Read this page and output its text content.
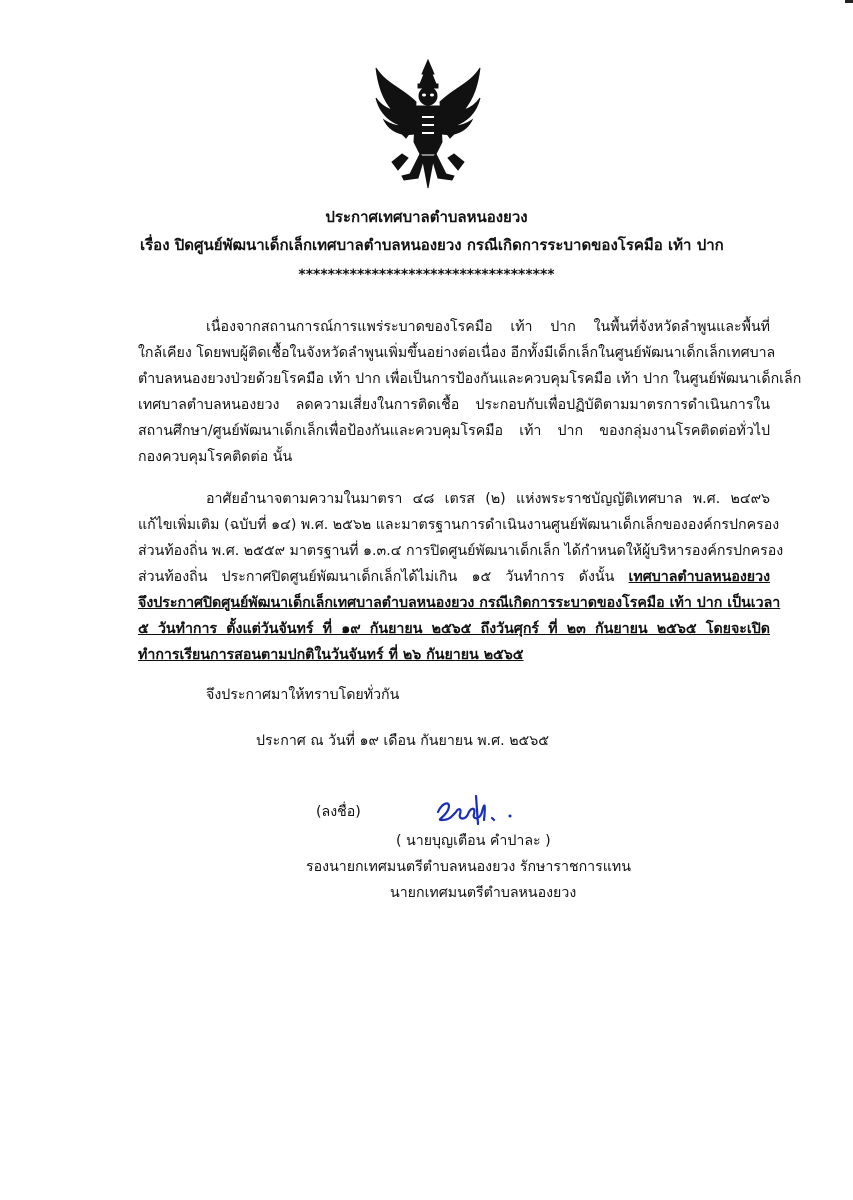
ประกาศเทศบาลตำบลหนองยวง
เรื่อง ปิดศูนย์พัฒนาเด็กเล็กเทศบาลตำบลหนองยวง กรณีเกิดการระบาดของโรคมือ เท้า ปาก
***********************************
เนื่องจากสถานการณ์การแพร่ระบาดของโรคมือ เท้า ปาก ในพื้นที่จังหวัดลำพูนและพื้นที่
ใกล้เคียง โดยพบผู้ติดเชื้อในจังหวัดลำพูนเพิ่มขึ้นอย่างต่อเนื่อง อีกทั้งมีเด็กเล็กในศูนย์พัฒนาเด็กเล็กเทศบาล
ตำบลหนองยวงป่วยด้วยโรคมือ เท้า ปาก เพื่อเป็นการป้องกันและควบคุมโรคมือ เท้า ปาก ในศูนย์พัฒนาเด็กเล็ก
เทศบาลตำบลหนองยวง ลดความเสี่ยงในการติดเชื้อ ประกอบกับเพื่อปฏิบัติตามมาตรการดำเนินการใน
สถานศึกษา/ศูนย์พัฒนาเด็กเล็กเพื่อป้องกันและควบคุมโรคมือ เท้า ปาก ของกลุ่มงานโรคติดต่อทั่วไป
กองควบคุมโรคติดต่อ นั้น
อาศัยอำนาจตามความในมาตรา ๔๘ เตรส (๒) แห่งพระราชบัญญัติเทศบาล พ.ศ. ๒๔๙๖
แก้ไขเพิ่มเติม (ฉบับที่ ๑๔) พ.ศ. ๒๕๖๒ และมาตรฐานการดำเนินงานศูนย์พัฒนาเด็กเล็กขององค์กรปกครอง
ส่วนท้องถิ่น พ.ศ. ๒๕๕๙ มาตรฐานที่ ๑.๓.๔ การปิดศูนย์พัฒนาเด็กเล็ก ได้กำหนดให้ผู้บริหารองค์กรปกครอง
ส่วนท้องถิ่น ประกาศปิดศูนย์พัฒนาเด็กเล็กได้ไม่เกิน ๑๕ วันทำการ ดังนั้น เทศบาลตำบลหนองยวง
จึงประกาศปิดศูนย์พัฒนาเด็กเล็กเทศบาลตำบลหนองยวง กรณีเกิดการระบาดของโรคมือ เท้า ปาก เป็นเวลา
๕ วันทำการ ตั้งแต่วันจันทร์ ที่ ๑๙ กันยายน ๒๕๖๕ ถึงวันศุกร์ ที่ ๒๓ กันยายน ๒๕๖๕ โดยจะเปิด
ทำการเรียนการสอนตามปกติในวันจันทร์ ที่ ๒๖ กันยายน ๒๕๖๕
จึงประกาศมาให้ทราบโดยทั่วกัน
ประกาศ ณ วันที่ ๑๙ เดือน กันยายน พ.ศ. ๒๕๖๕
(ลงชื่อ)
( นายบุญเตือน คำปาละ )
รองนายกเทศมนตรีตำบลหนองยวง รักษาราชการแทน
นายกเทศมนตรีตำบลหนองยวง
